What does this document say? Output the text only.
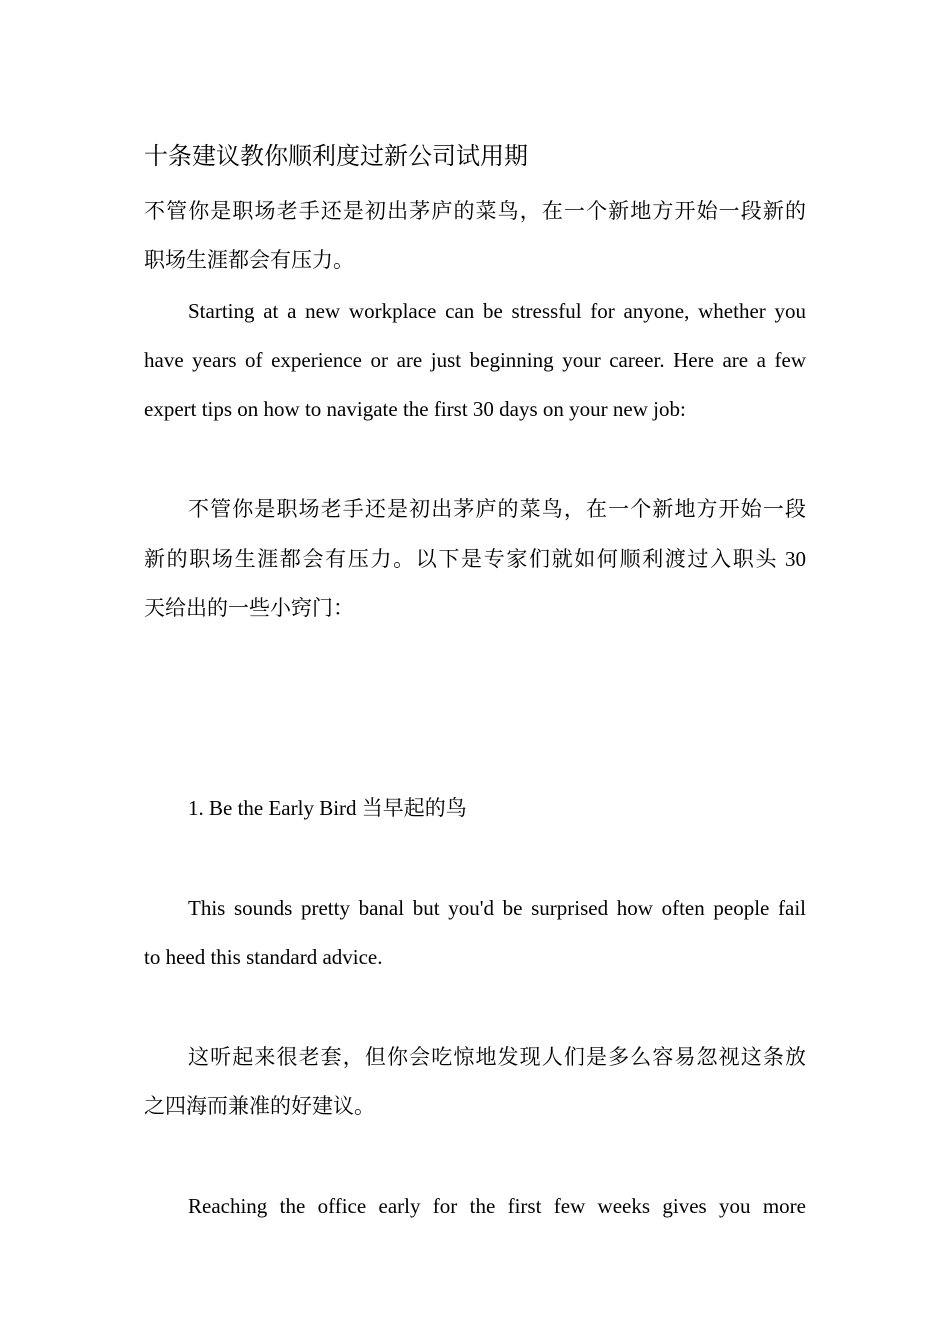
十条建议教你顺利度过新公司试用期
不管你是职场老手还是初出茅庐的菜鸟，在一个新地方开始一段新的
职场生涯都会有压力。
Starting at a new workplace can be stressful for anyone, whether you
have years of experience or are just beginning your career. Here are a few
expert tips on how to navigate the first 30 days on your new job:
不管你是职场老手还是初出茅庐的菜鸟，在一个新地方开始一段
新的职场生涯都会有压力。以下是专家们就如何顺利渡过入职头 30
天给出的一些小窍门：
1. Be the Early Bird 当早起的鸟
This sounds pretty banal but you'd be surprised how often people fail
to heed this standard advice.
这听起来很老套，但你会吃惊地发现人们是多么容易忽视这条放
之四海而兼准的好建议。
Reaching the office early for the first few weeks gives you more
